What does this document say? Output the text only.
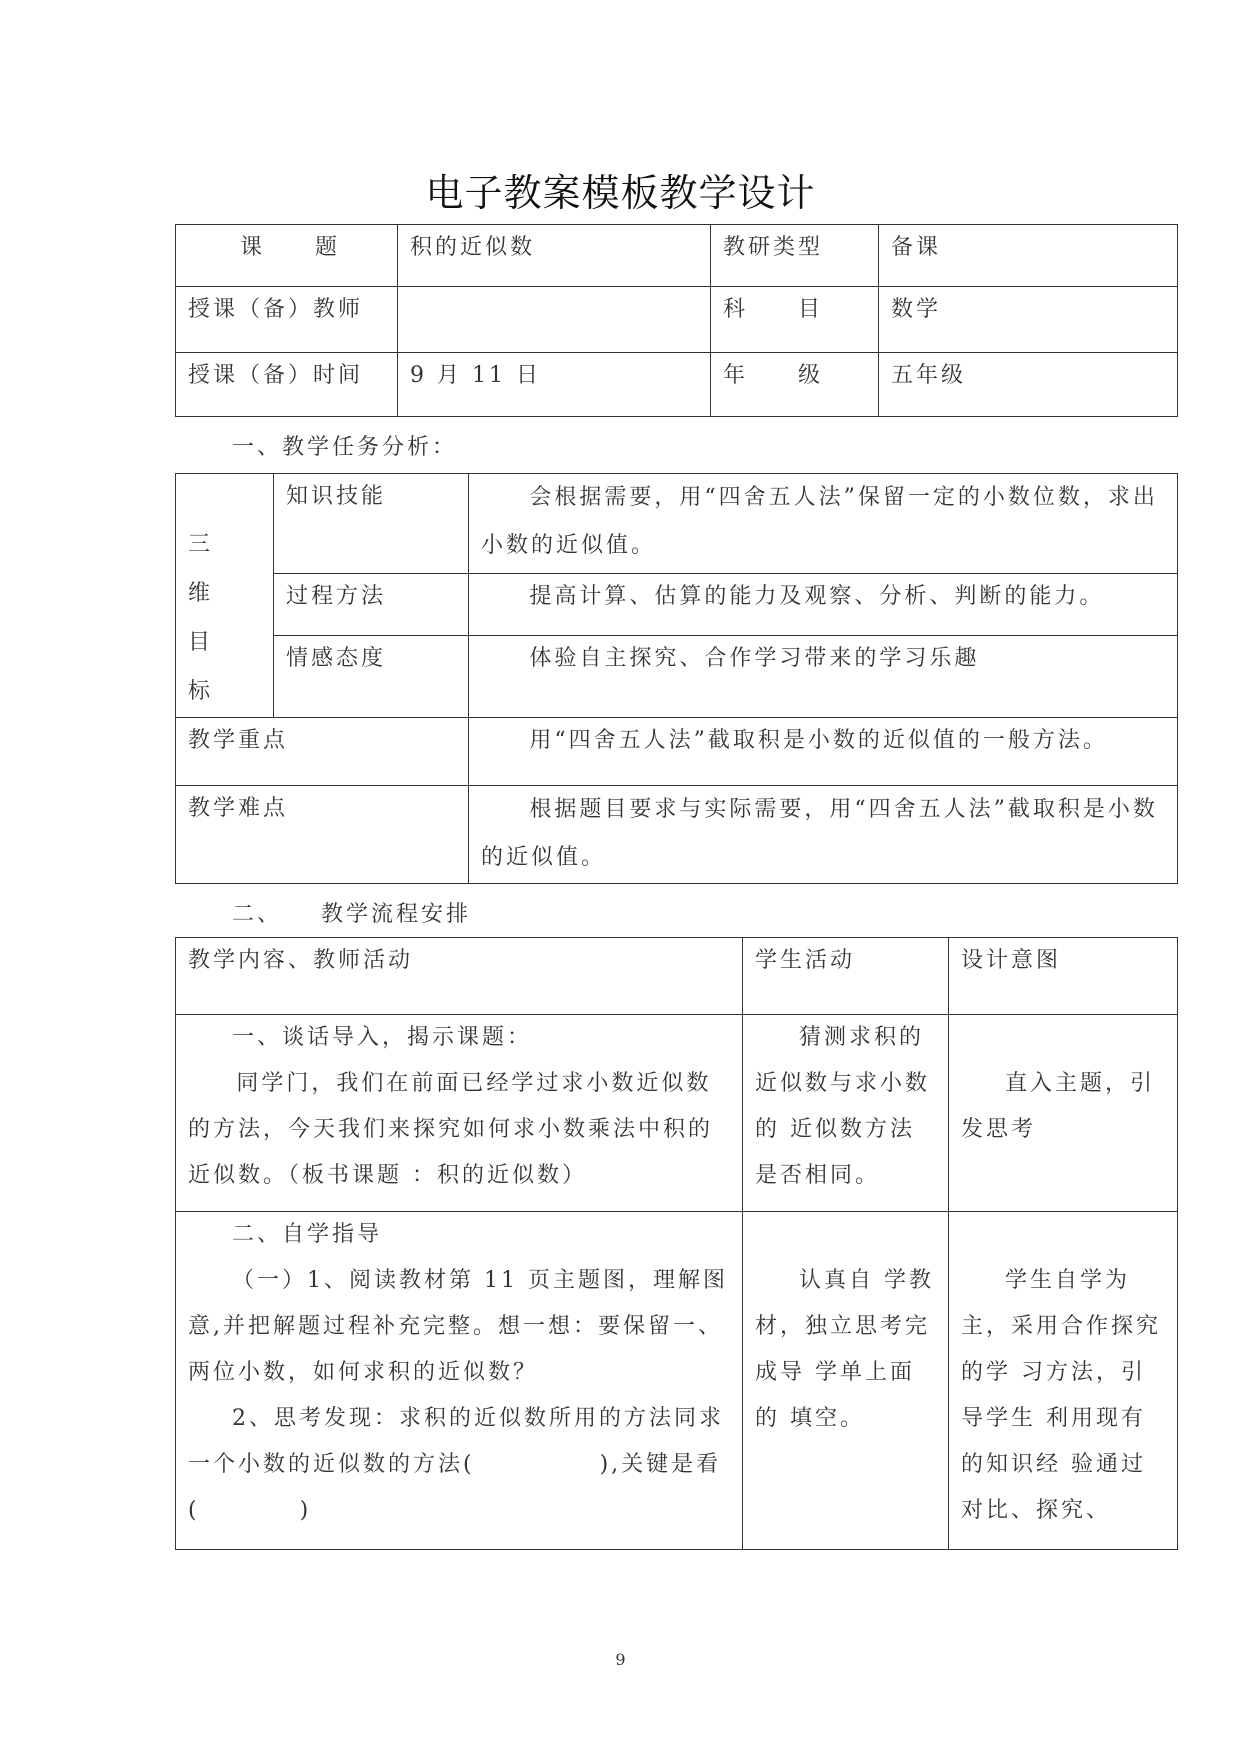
电子教案模板教学设计
课　　题	积的近似数	教研类型	备课
授课（备）教师		科　　目	数学
授课（备）时间	9 月 11 日	年　　级	五年级
一、教学任务分析：
三
维
目
标	知识技能	会根据需要，用“四舍五人法”保留一定的小数位数，求出小数的近似值。
	过程方法	提高计算、估算的能力及观察、分析、判断的能力。
	情感态度	体验自主探究、合作学习带来的学习乐趣
教学重点		用“四舍五人法”截取积是小数的近似值的一般方法。
教学难点		根据题目要求与实际需要，用“四舍五人法”截取积是小数的近似值。
二、　　教学流程安排
教学内容、教师活动	学生活动	设计意图

一、谈话导入，揭示课题：
同学门，我们在前面已经学过求小数近似数的方法，今天我们来探究如何求小数乘法中积的近似数。（板书课题 ：积的近似数）	猜测求积的近似数与求小数的 近似数方法是否相同。	直入主题，引 发思考

二、自学指导
（一）1、阅读教材第 11 页主题图，理解图意,并把解题过程补充完整。想一想：要保留一、两位小数，如何求积的近似数？
2、思考发现：求积的近似数所用的方法同求一个小数的近似数的方法(　　　　　),关键是看(　　　　)	认真自 学教材，独立思考完成导 学单上面的 填空。	学生自学为主，采用合作探究的学 习方法，引导学生 利用现有的知识经 验通过对比、探究、
9
